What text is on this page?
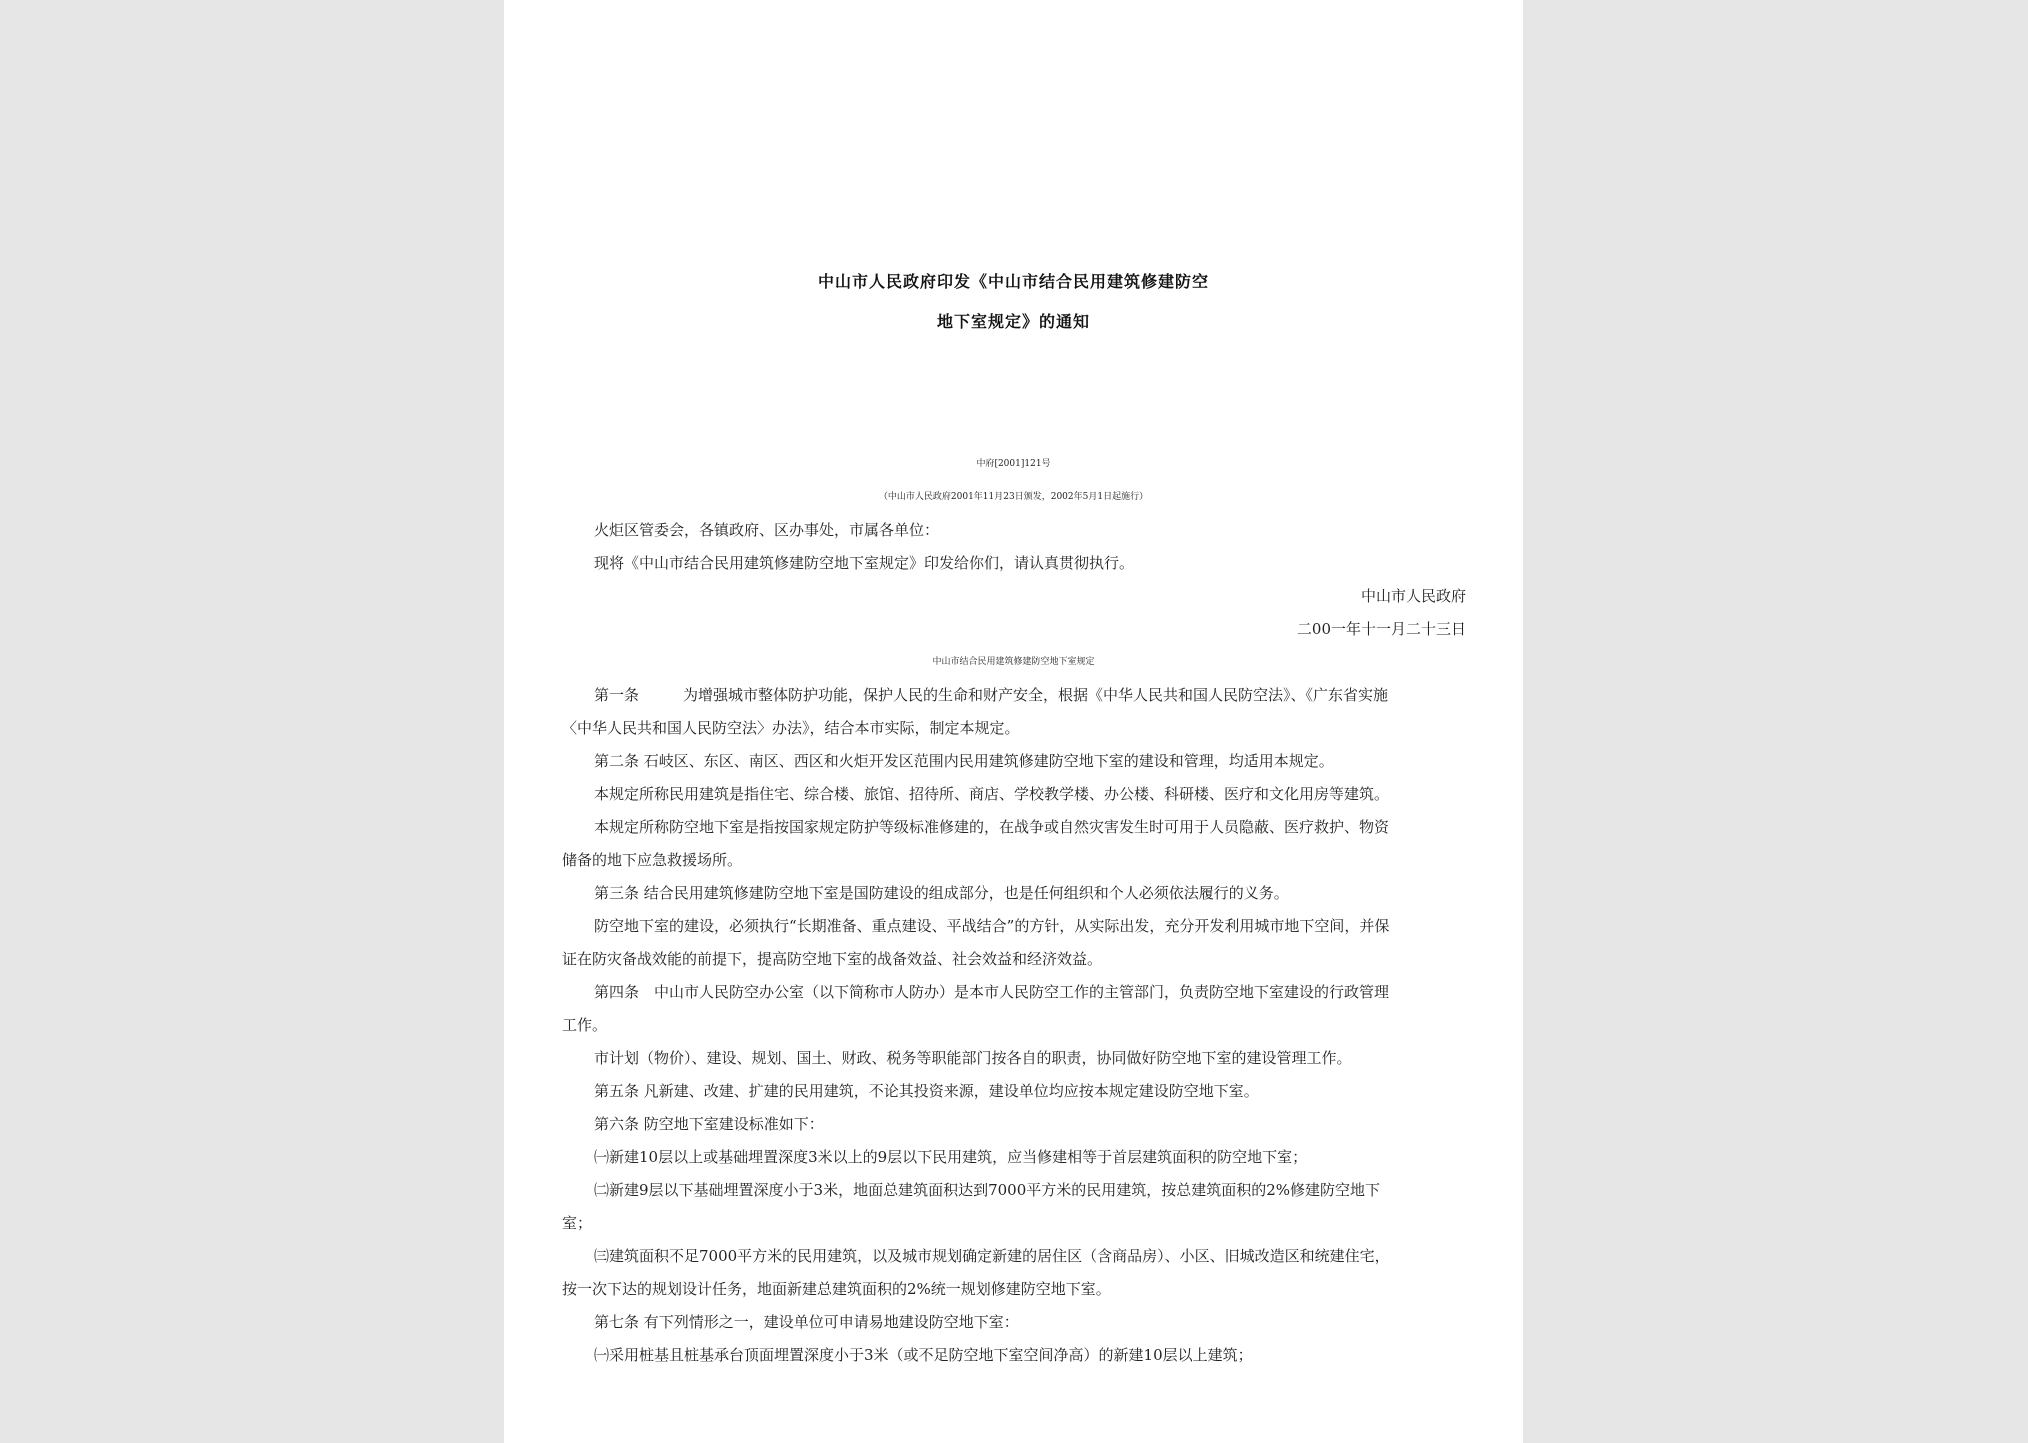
中山市人民政府印发《中山市结合民用建筑修建防空
地下室规定》的通知
中府[2001]121号
（中山市人民政府2001年11月23日颁发，2002年5月1日起施行）
火炬区管委会，各镇政府、区办事处，市属各单位：
现将《中山市结合民用建筑修建防空地下室规定》印发给你们，请认真贯彻执行。
中山市人民政府
二00一年十一月二十三日
中山市结合民用建筑修建防空地下室规定
第一条	为增强城市整体防护功能，保护人民的生命和财产安全，根据《中华人民共和国人民防空法》、《广东省实施
〈中华人民共和国人民防空法〉办法》，结合本市实际，制定本规定。
第二条 石岐区、东区、南区、西区和火炬开发区范围内民用建筑修建防空地下室的建设和管理，均适用本规定。
本规定所称民用建筑是指住宅、综合楼、旅馆、招待所、商店、学校教学楼、办公楼、科研楼、医疗和文化用房等建筑。
本规定所称防空地下室是指按国家规定防护等级标准修建的，在战争或自然灾害发生时可用于人员隐蔽、医疗救护、物资
储备的地下应急救援场所。
第三条 结合民用建筑修建防空地下室是国防建设的组成部分，也是任何组织和个人必须依法履行的义务。
防空地下室的建设，必须执行“长期准备、重点建设、平战结合”的方针，从实际出发，充分开发利用城市地下空间，并保
证在防灾备战效能的前提下，提高防空地下室的战备效益、社会效益和经济效益。
第四条　中山市人民防空办公室（以下简称市人防办）是本市人民防空工作的主管部门，负责防空地下室建设的行政管理
工作。
市计划（物价）、建设、规划、国土、财政、税务等职能部门按各自的职责，协同做好防空地下室的建设管理工作。
第五条 凡新建、改建、扩建的民用建筑，不论其投资来源，建设单位均应按本规定建设防空地下室。
第六条 防空地下室建设标准如下：
㈠新建10层以上或基础埋置深度3米以上的9层以下民用建筑，应当修建相等于首层建筑面积的防空地下室；
㈡新建9层以下基础埋置深度小于3米，地面总建筑面积达到7000平方米的民用建筑，按总建筑面积的2%修建防空地下
室；
㈢建筑面积不足7000平方米的民用建筑，以及城市规划确定新建的居住区（含商品房）、小区、旧城改造区和统建住宅，
按一次下达的规划设计任务，地面新建总建筑面积的2%统一规划修建防空地下室。
第七条 有下列情形之一，建设单位可申请易地建设防空地下室：
㈠采用桩基且桩基承台顶面埋置深度小于3米（或不足防空地下室空间净高）的新建10层以上建筑；
